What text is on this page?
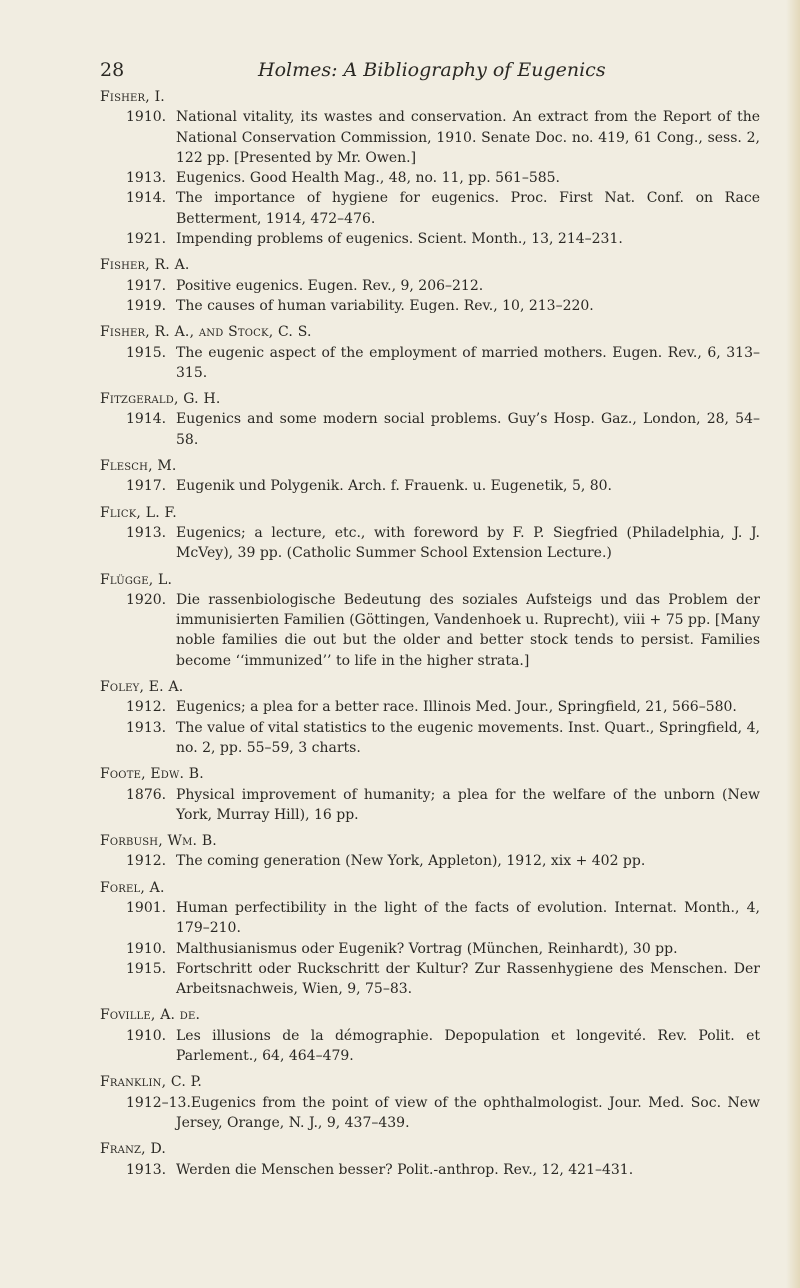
28	Holmes: A Bibliography of Eugenics
Fisher, I.
1910. National vitality, its wastes and conservation. An extract from the Report of the National Conservation Commission, 1910. Senate Doc. no. 419, 61 Cong., sess. 2, 122 pp. [Presented by Mr. Owen.]
1913. Eugenics. Good Health Mag., 48, no. 11, pp. 561–585.
1914. The importance of hygiene for eugenics. Proc. First Nat. Conf. on Race Betterment, 1914, 472–476.
1921. Impending problems of eugenics. Scient. Month., 13, 214–231.
Fisher, R. A.
1917. Positive eugenics. Eugen. Rev., 9, 206–212.
1919. The causes of human variability. Eugen. Rev., 10, 213–220.
Fisher, R. A., and Stock, C. S.
1915. The eugenic aspect of the employment of married mothers. Eugen. Rev., 6, 313–315.
Fitzgerald, G. H.
1914. Eugenics and some modern social problems. Guy’s Hosp. Gaz., London, 28, 54–58.
Flesch, M.
1917. Eugenik und Polygenik. Arch. f. Frauenk. u. Eugenetik, 5, 80.
Flick, L. F.
1913. Eugenics; a lecture, etc., with foreword by F. P. Siegfried (Philadelphia, J. J. McVey), 39 pp. (Catholic Summer School Extension Lecture.)
Flügge, L.
1920. Die rassenbiologische Bedeutung des soziales Aufsteigs und das Problem der immunisierten Familien (Göttingen, Vandenhoek u. Ruprecht), viii + 75 pp. [Many noble families die out but the older and better stock tends to persist. Families become ‘‘immunized’’ to life in the higher strata.]
Foley, E. A.
1912. Eugenics; a plea for a better race. Illinois Med. Jour., Springfield, 21, 566–580.
1913. The value of vital statistics to the eugenic movements. Inst. Quart., Springfield, 4, no. 2, pp. 55–59, 3 charts.
Foote, Edw. B.
1876. Physical improvement of humanity; a plea for the welfare of the unborn (New York, Murray Hill), 16 pp.
Forbush, Wm. B.
1912. The coming generation (New York, Appleton), 1912, xix + 402 pp.
Forel, A.
1901. Human perfectibility in the light of the facts of evolution. Internat. Month., 4, 179–210.
1910. Malthusianismus oder Eugenik? Vortrag (München, Reinhardt), 30 pp.
1915. Fortschritt oder Ruckschritt der Kultur? Zur Rassenhygiene des Menschen. Der Arbeitsnachweis, Wien, 9, 75–83.
Foville, A. de.
1910. Les illusions de la démographie. Depopulation et longevité. Rev. Polit. et Parlement., 64, 464–479.
Franklin, C. P.
1912–13.Eugenics from the point of view of the ophthalmologist. Jour. Med. Soc. New Jersey, Orange, N. J., 9, 437–439.
Franz, D.
1913. Werden die Menschen besser? Polit.-anthrop. Rev., 12, 421–431.
